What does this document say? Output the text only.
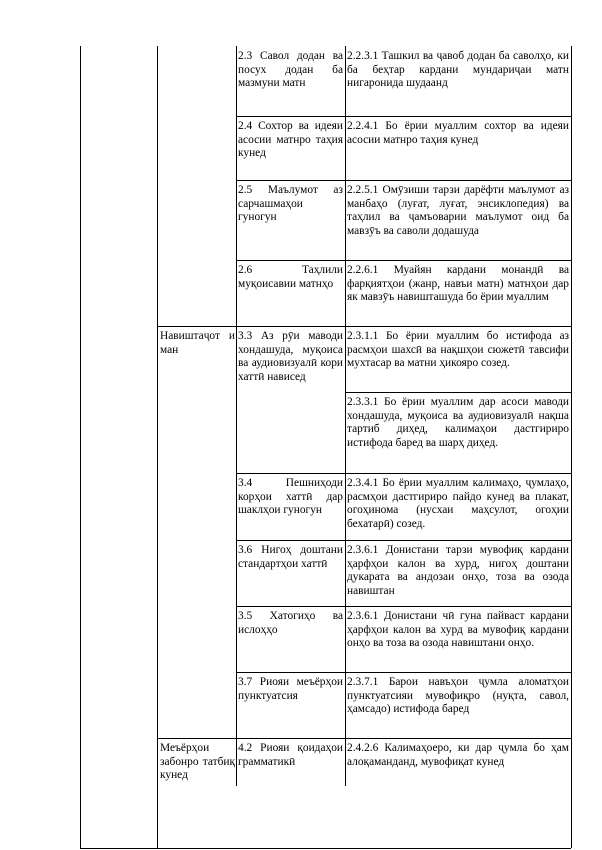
2.3 Савол додан ва посух додан ба мазмуни матн
2.2.3.1 Ташкил ва ҷавоб додан ба саволҳо, ки ба беҳтар кардани мундариҷаи матн нигаронида шудаанд
2.4 Сохтор ва идеяи асосии матнро таҳия кунед
2.2.4.1 Бо ёрии муаллим сохтор ва идеяи асосии матнро таҳия кунед
2.5 Маълумот аз сарчашмаҳои гуногун
2.2.5.1 Омӯзиши тарзи дарёфти маълумот аз манбаҳо (луғат, луғат, энсиклопедия) ва таҳлил ва ҷамъоварии маълумот оид ба мавзӯъ ва саволи додашуда
2.6 Таҳлили муқоисавии матнҳо
2.2.6.1 Муайян кардани монандӣ ва фарқиятҳои (жанр, навъи матн) матнҳои дар як мавзӯъ навишташуда бо ёрии муаллим
Навиштаҷот и ман
3.3 Аз рӯи маводи хондашуда, муқоиса ва аудиовизуалӣ кори хаттӣ нависед
2.3.1.1 Бо ёрии муаллим бо истифода аз расмҳои шахсӣ ва нақшҳои сюжетӣ тавсифи мухтасар ва матни ҳикояро созед.
2.3.3.1 Бо ёрии муаллим дар асоси маводи хондашуда, муқоиса ва аудиовизуалӣ нақша тартиб диҳед, калимаҳои дастгириро истифода баред ва шарҳ диҳед.
3.4 Пешниҳоди корҳои хаттӣ дар шаклҳои гуногун
2.3.4.1 Бо ёрии муаллим калимаҳо, ҷумлаҳо, расмҳои дастгириро пайдо кунед ва плакат, огоҳинома (нусхаи маҳсулот, огоҳии бехатарӣ) созед.
3.6 Нигоҳ доштани стандартҳои хаттӣ
2.3.6.1 Донистани тарзи мувофиқ кардани ҳарфҳои калон ва хурд, нигоҳ доштани дукарата ва андозаи онҳо, тоза ва озода навиштан
3.5 Хатогиҳо ва ислоҳҳо
2.3.6.1 Донистани чӣ гуна пайваст кардани ҳарфҳои калон ва хурд ва мувофиқ кардани онҳо ва тоза ва озода навиштани онҳо.
3.7 Риояи меъёрҳои пунктуатсия
2.3.7.1 Барои навъҳои ҷумла аломатҳои пунктуатсияи мувофиқро (нуқта, савол, ҳамсадо) истифода баред
Меъёрҳои забонро татбиқ кунед
4.2 Риояи қоидаҳои грамматикӣ
2.4.2.6 Калимаҳоеро, ки дар ҷумла бо ҳам алоқаманданд, мувофиқат кунед
